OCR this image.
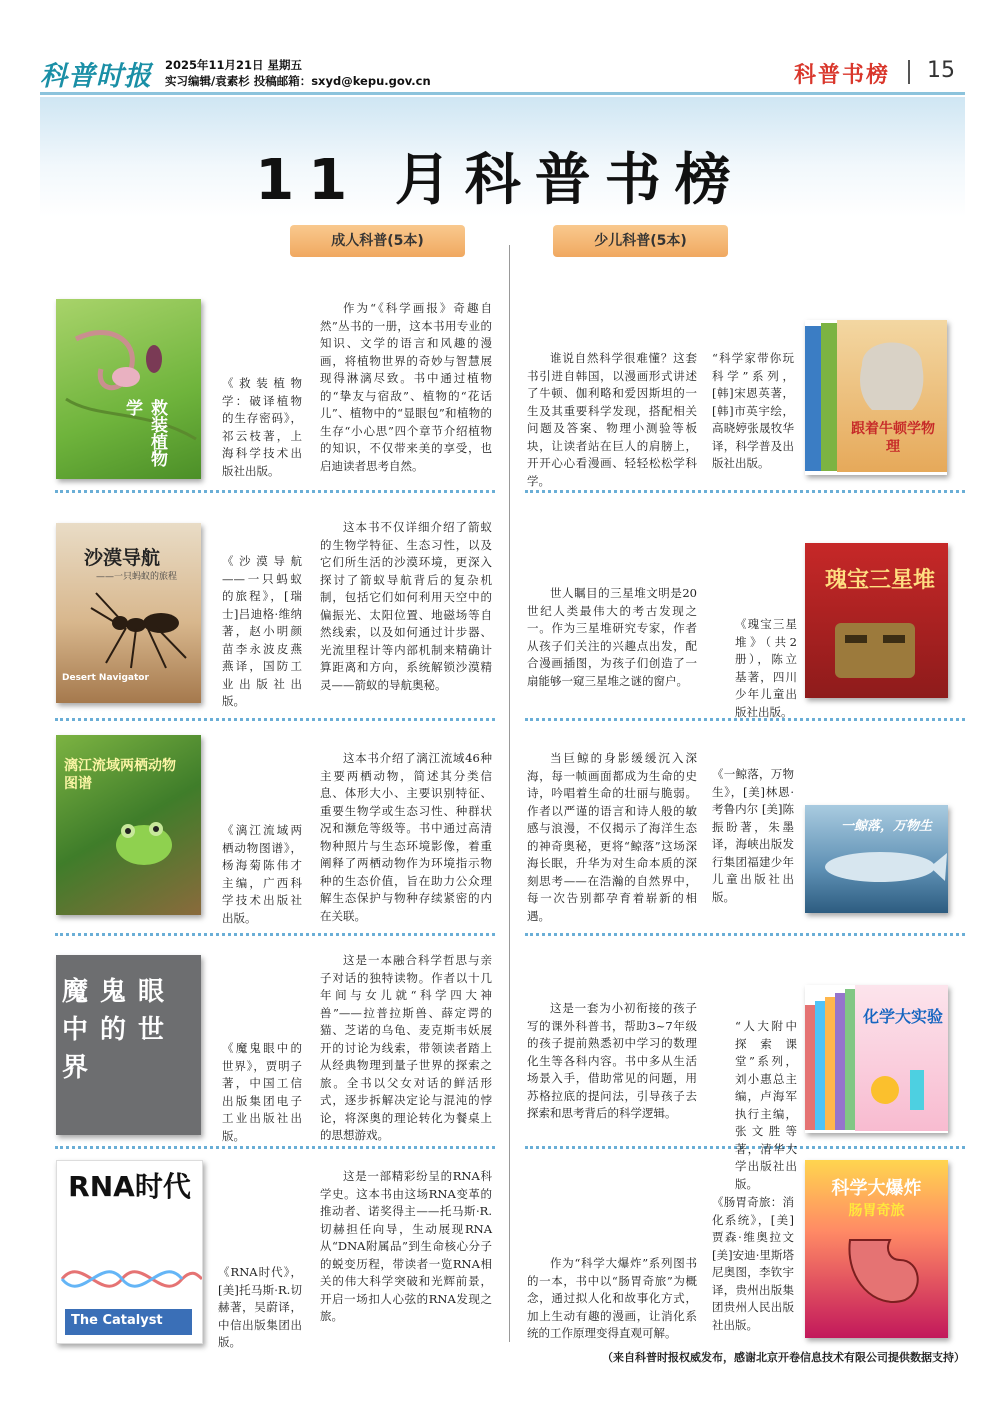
科普时报 2025年11月21日 星期五
实习编辑/袁素杉 投稿邮箱：sxyd@kepu.gov.cn	科普书榜 15
11 月科普书榜
成人科普(5本)	少儿科普(5本)
救装植物学
《救装植物学：破译植物的生存密码》，祁云枝著，上海科学技术出版社出版。
作为“《科学画报》奇趣自然”丛书的一册，这本书用专业的知识、文学的语言和风趣的漫画，将植物世界的奇妙与智慧展现得淋漓尽致。书中通过植物的“挚友与宿敌”、植物的“花话儿”、植物中的“显眼包”和植物的生存“小心思”四个章节介绍植物的知识，不仅带来美的享受，也启迪读者思考自然。
沙漠导航
——一只蚂蚁的旅程
Desert Navigator
《沙漠导航——一只蚂蚁的旅程》，[瑞士]吕迪格·维纳著，赵小明颜苗李永波皮燕燕译，国防工业出版社出版。
这本书不仅详细介绍了箭蚁的生物学特征、生态习性，以及它们所生活的沙漠环境，更深入探讨了箭蚁导航背后的复杂机制，包括它们如何利用天空中的偏振光、太阳位置、地磁场等自然线索，以及如何通过计步器、光流里程计等内部机制来精确计算距离和方向，系统解锁沙漠精灵——箭蚁的导航奥秘。
漓江流域两栖动物图谱
《漓江流域两栖动物图谱》，杨海菊陈伟才主编，广西科学技术出版社出版。
这本书介绍了漓江流域46种主要两栖动物，简述其分类信息、体形大小、主要识别特征、重要生物学或生态习性、种群状况和濒危等级等。书中通过高清物种照片与生态环境影像，着重阐释了两栖动物作为环境指示物种的生态价值，旨在助力公众理解生态保护与物种存续紧密的内在关联。
魔鬼眼中的世界
《魔鬼眼中的世界》，贾明子著，中国工信出版集团电子工业出版社出版。
这是一本融合科学哲思与亲子对话的独特读物。作者以十几年间与女儿就“科学四大神兽”——拉普拉斯兽、薛定谔的猫、芝诺的乌龟、麦克斯韦妖展开的讨论为线索，带领读者踏上从经典物理到量子世界的探索之旅。全书以父女对话的鲜活形式，逐步拆解决定论与混沌的悖论，将深奥的理论转化为餐桌上的思想游戏。
RNA时代
The Catalyst
《RNA时代》，[美]托马斯·R.切赫著，吴蔚译，中信出版集团出版。
这是一部精彩纷呈的RNA科学史。这本书由这场RNA变革的推动者、诺奖得主——托马斯·R.切赫担任向导，生动展现RNA从“DNA附属品”到生命核心分子的蜕变历程，带读者一览RNA相关的伟大科学突破和光辉前景，开启一场扣人心弦的RNA发现之旅。
跟着牛顿学物理
“科学家带你玩科学”系列，[韩]宋恩英著，[韩]市英宇绘，高晓婷张晟牧华译，科学普及出版社出版。
谁说自然科学很难懂？这套书引进自韩国，以漫画形式讲述了牛顿、伽利略和爱因斯坦的一生及其重要科学发现，搭配相关问题及答案、物理小测验等板块，让读者站在巨人的肩膀上，开开心心看漫画、轻轻松松学科学。
瑰宝三星堆
《瑰宝三星堆》（共2册），陈立基著，四川少年儿童出版社出版。
世人瞩目的三星堆文明是20世纪人类最伟大的考古发现之一。作为三星堆研究专家，作者从孩子们关注的兴趣点出发，配合漫画插图，为孩子们创造了一扇能够一窥三星堆之谜的窗户。
一鲸落，万物生
《一鲸落，万物生》，[美]林恩·考鲁内尔 [美]陈振盼著，朱墨译，海峡出版发行集团福建少年儿童出版社出版。
当巨鲸的身影缓缓沉入深海，每一帧画面都成为生命的史诗，吟唱着生命的壮丽与脆弱。作者以严谨的语言和诗人般的敏感与浪漫，不仅揭示了海洋生态的神奇奥秘，更将“鲸落”这场深海长眠，升华为对生命本质的深刻思考——在浩瀚的自然界中，每一次告别都孕育着崭新的相遇。
化学大实验
“人大附中探索课堂”系列，刘小惠总主编，卢海军执行主编，张文胜等著，清华大学出版社出版。
这是一套为小初衔接的孩子写的课外科普书，帮助3~7年级的孩子提前熟悉初中学习的数理化生等各科内容。书中多从生活场景入手，借助常见的问题，用苏格拉底的提问法，引导孩子去探索和思考背后的科学逻辑。
科学大爆炸
肠胃奇旅
《肠胃奇旅：消化系统》，[美]贾森·维奥拉文 [美]安迪·里斯塔尼奥图，李钦宇译，贵州出版集团贵州人民出版社出版。
作为“科学大爆炸”系列图书的一本，书中以“肠胃奇旅”为概念，通过拟人化和故事化方式，加上生动有趣的漫画，让消化系统的工作原理变得直观可解。
（来自科普时报权威发布，感谢北京开卷信息技术有限公司提供数据支持）
